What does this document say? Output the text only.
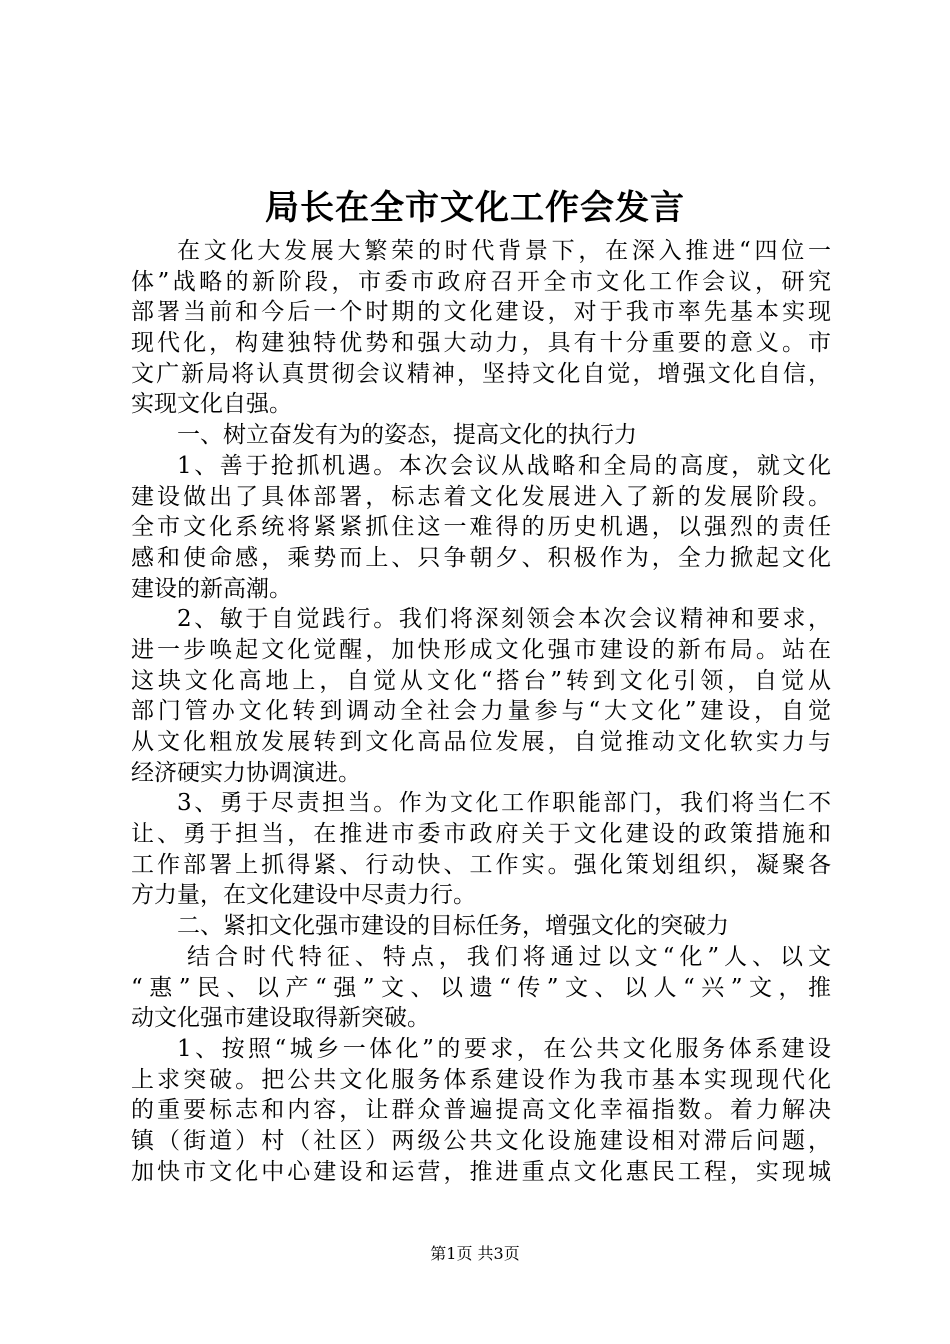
局长在全市文化工作会发言
在文化大发展大繁荣的时代背景下，在深入推进“四位一
体”战略的新阶段，市委市政府召开全市文化工作会议，研究
部署当前和今后一个时期的文化建设，对于我市率先基本实现
现代化，构建独特优势和强大动力，具有十分重要的意义。市
文广新局将认真贯彻会议精神，坚持文化自觉，增强文化自信，
实现文化自强。
一、树立奋发有为的姿态，提高文化的执行力
1、善于抢抓机遇。本次会议从战略和全局的高度，就文化
建设做出了具体部署，标志着文化发展进入了新的发展阶段。
全市文化系统将紧紧抓住这一难得的历史机遇，以强烈的责任
感和使命感，乘势而上、只争朝夕、积极作为，全力掀起文化
建设的新高潮。
2、敏于自觉践行。我们将深刻领会本次会议精神和要求，
进一步唤起文化觉醒，加快形成文化强市建设的新布局。站在
这块文化高地上，自觉从文化“搭台”转到文化引领，自觉从
部门管办文化转到调动全社会力量参与“大文化”建设，自觉
从文化粗放发展转到文化高品位发展，自觉推动文化软实力与
经济硬实力协调演进。
3、勇于尽责担当。作为文化工作职能部门，我们将当仁不
让、勇于担当，在推进市委市政府关于文化建设的政策措施和
工作部署上抓得紧、行动快、工作实。强化策划组织，凝聚各
方力量，在文化建设中尽责力行。
二、紧扣文化强市建设的目标任务，增强文化的突破力
结合时代特征、特点，我们将通过以文“化”人、以文
“惠”民、以产“强”文、以遗“传”文、以人“兴”文，推
动文化强市建设取得新突破。
1、按照“城乡一体化”的要求，在公共文化服务体系建设
上求突破。把公共文化服务体系建设作为我市基本实现现代化
的重要标志和内容，让群众普遍提高文化幸福指数。着力解决
镇（街道）村（社区）两级公共文化设施建设相对滞后问题，
加快市文化中心建设和运营，推进重点文化惠民工程，实现城
第1页 共3页
